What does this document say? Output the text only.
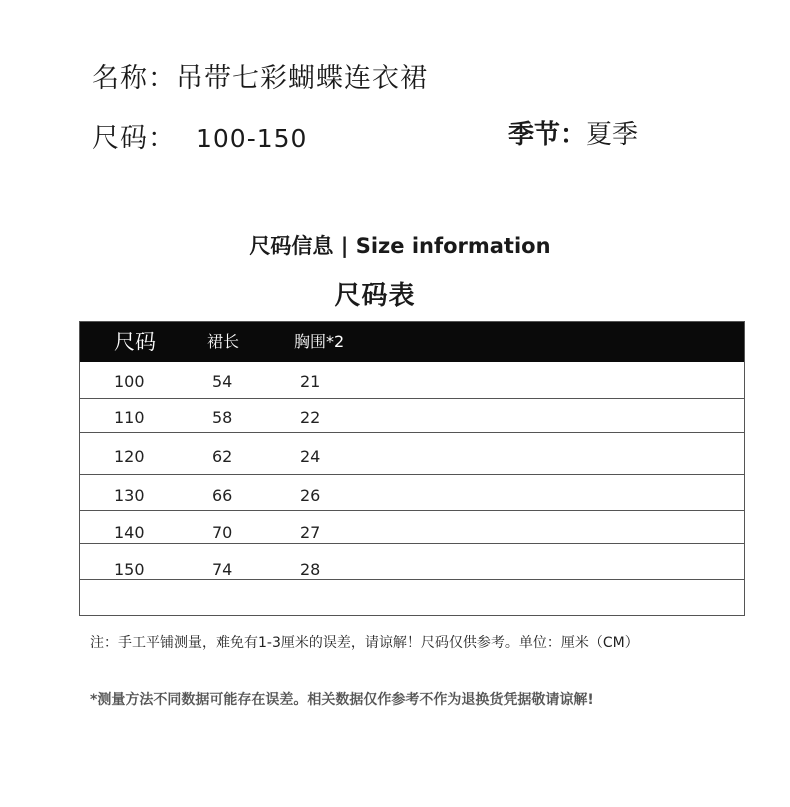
名称：吊带七彩蝴蝶连衣裙
尺码： 100-150	季节：夏季
尺码信息 | Size information
尺码表
尺码	裙长	胸围*2
100	54	21
110	58	22
120	62	24
130	66	26
140	70	27
150	74	28
注：手工平铺测量，难免有1-3厘米的误差，请谅解！尺码仅供参考。单位：厘米（CM）
*测量方法不同数据可能存在误差。相关数据仅作参考不作为退换货凭据敬请谅解!
